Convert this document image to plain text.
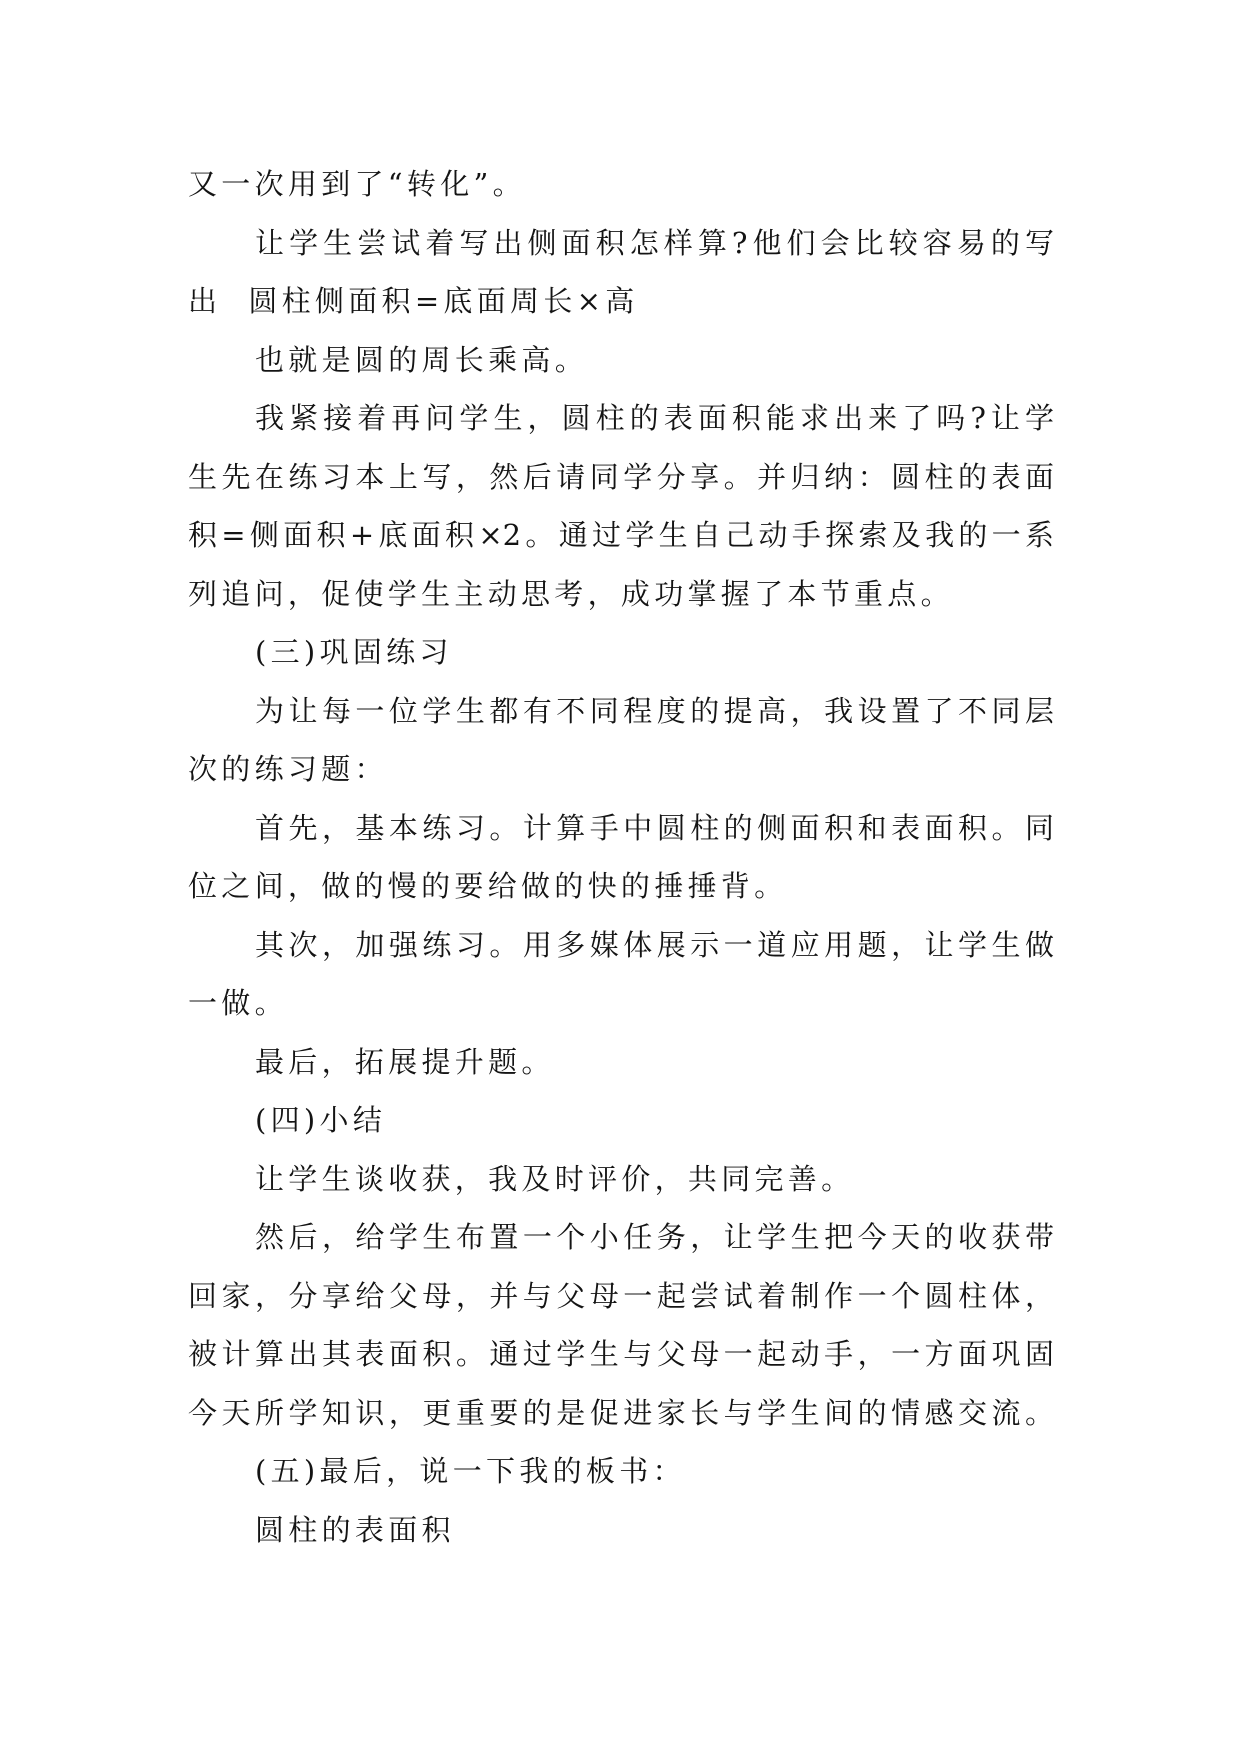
又一次用到了“转化”。
让学生尝试着写出侧面积怎样算?他们会比较容易的写
出  圆柱侧面积=底面周长×高
也就是圆的周长乘高。
我紧接着再问学生，圆柱的表面积能求出来了吗?让学
生先在练习本上写，然后请同学分享。并归纳：圆柱的表面
积=侧面积+底面积×2。通过学生自己动手探索及我的一系
列追问，促使学生主动思考，成功掌握了本节重点。
(三)巩固练习
为让每一位学生都有不同程度的提高，我设置了不同层
次的练习题：
首先，基本练习。计算手中圆柱的侧面积和表面积。同
位之间，做的慢的要给做的快的捶捶背。
其次，加强练习。用多媒体展示一道应用题，让学生做
一做。
最后，拓展提升题。
(四)小结
让学生谈收获，我及时评价，共同完善。
然后，给学生布置一个小任务，让学生把今天的收获带
回家，分享给父母，并与父母一起尝试着制作一个圆柱体，
被计算出其表面积。通过学生与父母一起动手，一方面巩固
今天所学知识，更重要的是促进家长与学生间的情感交流。
(五)最后，说一下我的板书：
圆柱的表面积
